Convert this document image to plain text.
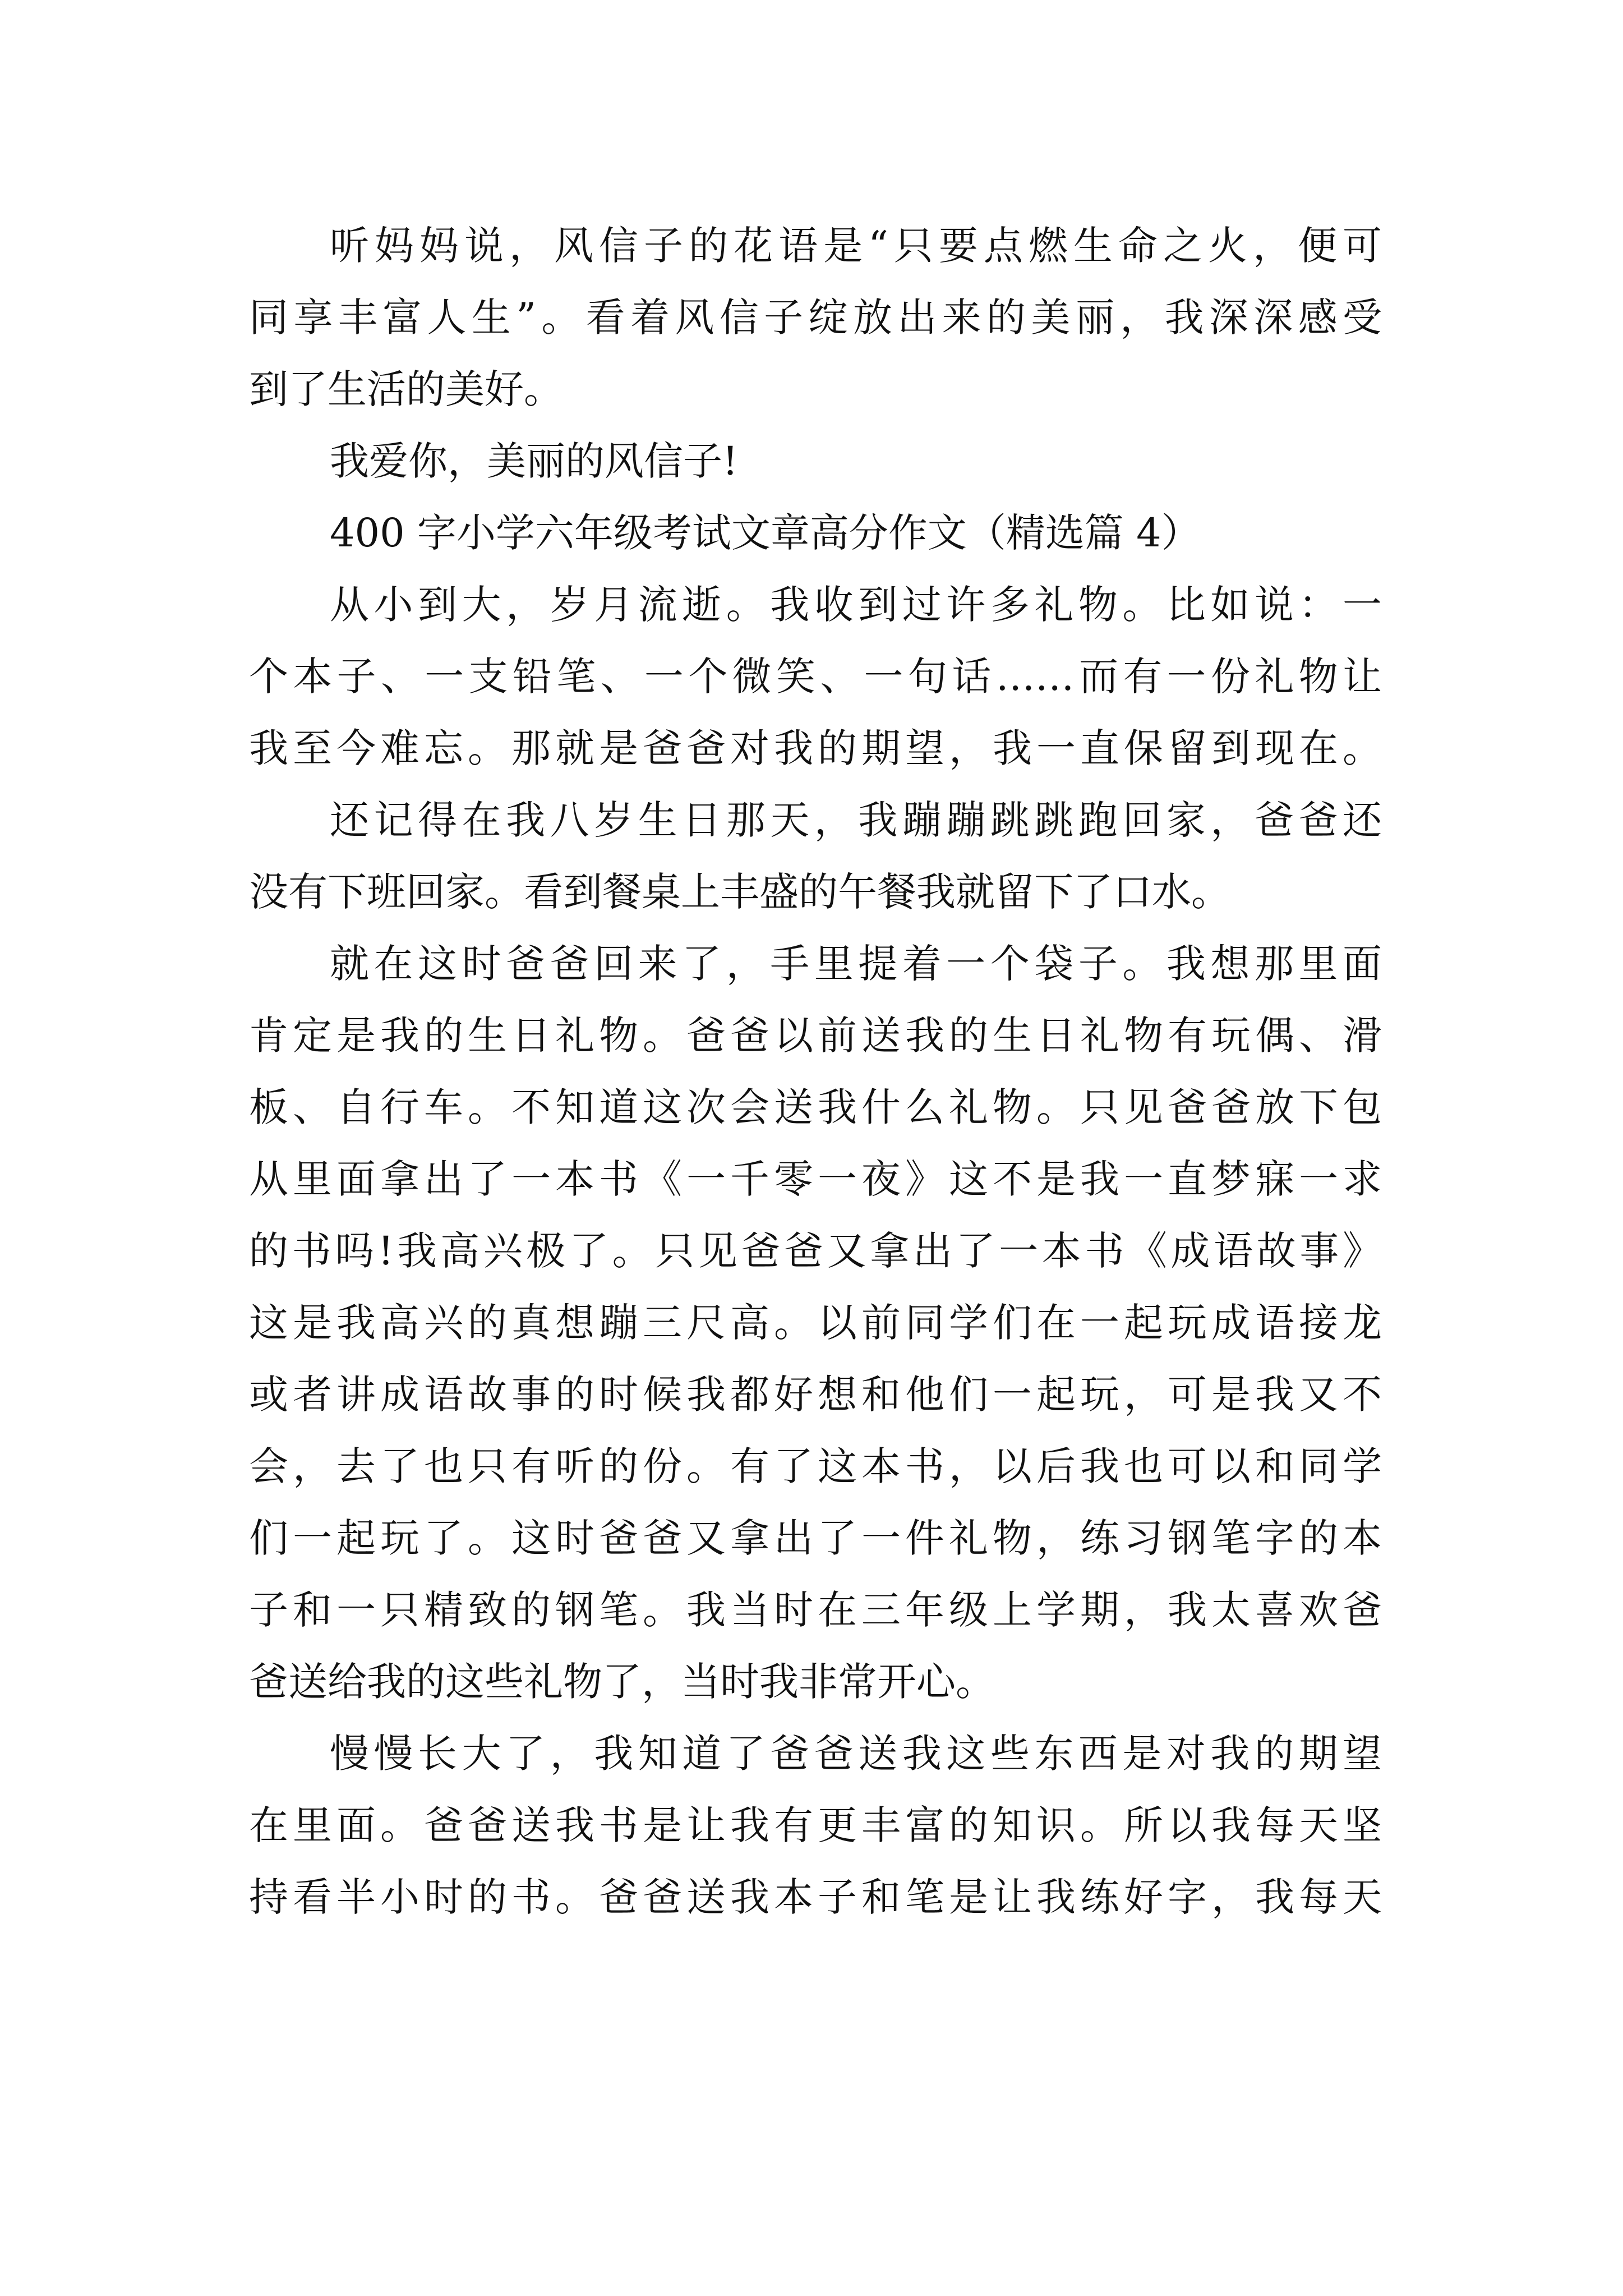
听妈妈说，风信子的花语是“只要点燃生命之火，便可
同享丰富人生”。看着风信子绽放出来的美丽，我深深感受
到了生活的美好。
我爱你，美丽的风信子!
400 字小学六年级考试文章高分作文（精选篇 4）
从小到大，岁月流逝。我收到过许多礼物。比如说：一
个本子、一支铅笔、一个微笑、一句话……而有一份礼物让
我至今难忘。那就是爸爸对我的期望，我一直保留到现在。
还记得在我八岁生日那天，我蹦蹦跳跳跑回家，爸爸还
没有下班回家。看到餐桌上丰盛的午餐我就留下了口水。
就在这时爸爸回来了，手里提着一个袋子。我想那里面
肯定是我的生日礼物。爸爸以前送我的生日礼物有玩偶、滑
板、自行车。不知道这次会送我什么礼物。只见爸爸放下包
从里面拿出了一本书《一千零一夜》这不是我一直梦寐一求
的书吗!我高兴极了。只见爸爸又拿出了一本书《成语故事》
这是我高兴的真想蹦三尺高。以前同学们在一起玩成语接龙
或者讲成语故事的时候我都好想和他们一起玩，可是我又不
会，去了也只有听的份。有了这本书，以后我也可以和同学
们一起玩了。这时爸爸又拿出了一件礼物，练习钢笔字的本
子和一只精致的钢笔。我当时在三年级上学期，我太喜欢爸
爸送给我的这些礼物了，当时我非常开心。
慢慢长大了，我知道了爸爸送我这些东西是对我的期望
在里面。爸爸送我书是让我有更丰富的知识。所以我每天坚
持看半小时的书。爸爸送我本子和笔是让我练好字，我每天
